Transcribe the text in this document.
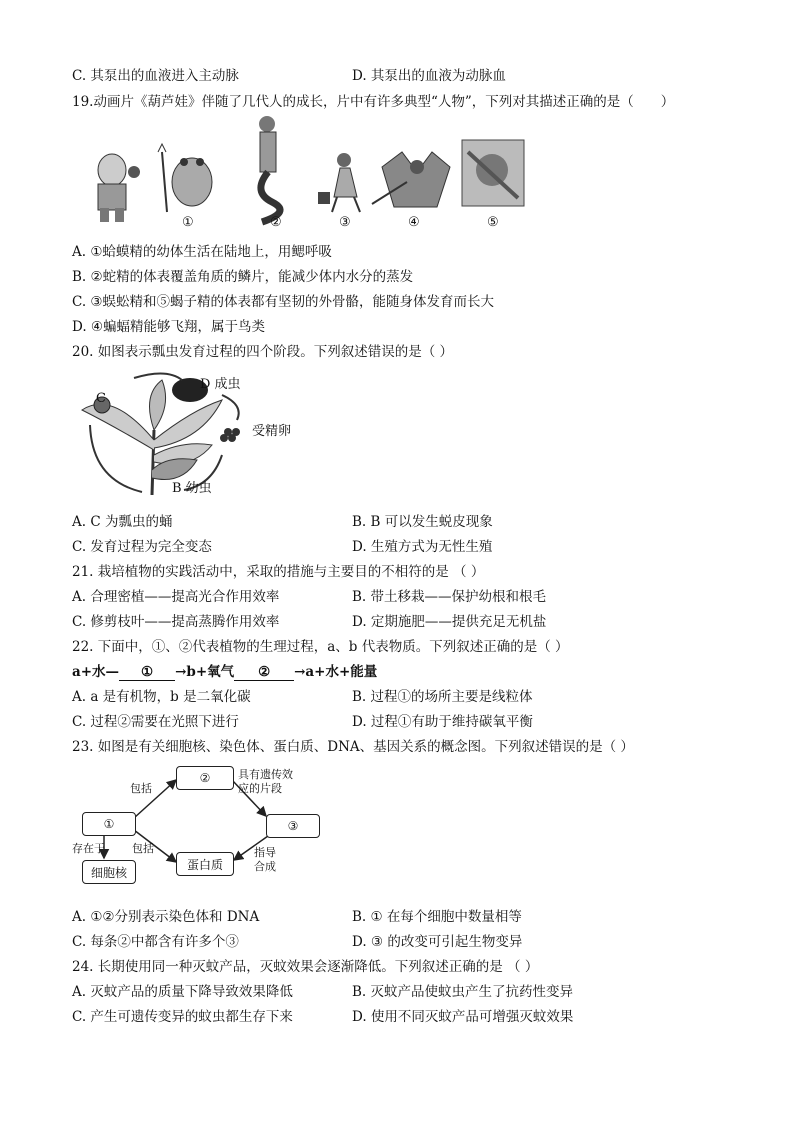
C. 其泵出的血液进入主动脉	D. 其泵出的血液为动脉血
19.动画片《葫芦娃》伴随了几代人的成长，片中有许多典型“人物”，下列对其描述正确的是（　　）
①	②	③	④	⑤
A. ①蛤蟆精的幼体生活在陆地上，用鳃呼吸
B. ②蛇精的体表覆盖角质的鳞片，能减少体内水分的蒸发
C. ③蜈蚣精和⑤蝎子精的体表都有坚韧的外骨骼，能随身体发育而长大
D. ④蝙蝠精能够飞翔，属于鸟类
20. 如图表示瓢虫发育过程的四个阶段。下列叙述错误的是（ ）
C
D 成虫
受精卵
B 幼虫
A. C 为瓢虫的蛹	B. B 可以发生蜕皮现象
C. 发育过程为完全变态	D. 生殖方式为无性生殖
21. 栽培植物的实践活动中，采取的措施与主要目的不相符的是 （ ）
A. 合理密植——提高光合作用效率	B. 带土移栽——保护幼根和根毛
C. 修剪枝叶——提高蒸腾作用效率	D. 定期施肥——提供充足无机盐
22. 下面中，①、②代表植物的生理过程，a、b 代表物质。下列叙述正确的是（ ）
a+水— ① →b+氧气 ② →a+水+能量
A. a 是有机物，b 是二氧化碳	B. 过程①的场所主要是线粒体
C. 过程②需要在光照下进行	D. 过程①有助于维持碳氧平衡
23. 如图是有关细胞核、染色体、蛋白质、DNA、基因关系的概念图。下列叙述错误的是（ ）
①
②
③
细胞核
蛋白质
包括
包括
存在于
具有遗传效
应的片段
指导
合成
A. ①②分别表示染色体和 DNA	B. ① 在每个细胞中数量相等
C. 每条②中都含有许多个③	D. ③ 的改变可引起生物变异
24. 长期使用同一种灭蚊产品，灭蚊效果会逐渐降低。下列叙述正确的是 （ ）
A. 灭蚊产品的质量下降导致效果降低	B. 灭蚊产品使蚊虫产生了抗药性变异
C. 产生可遗传变异的蚊虫都生存下来	D. 使用不同灭蚊产品可增强灭蚊效果
